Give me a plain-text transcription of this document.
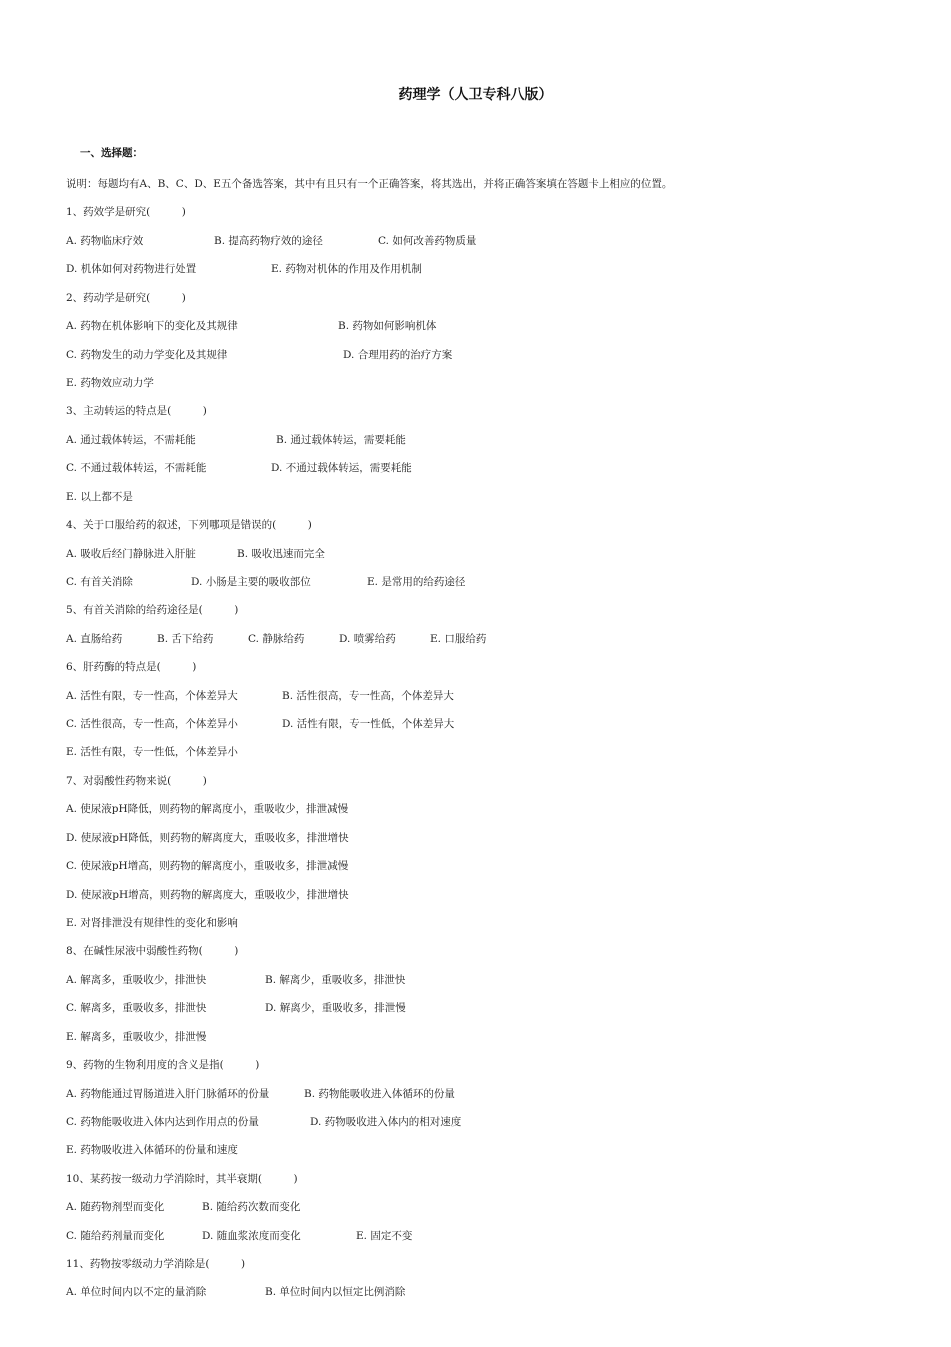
药理学（人卫专科八版）
一、选择题：
说明：每题均有A、B、C、D、E五个备选答案，其中有且只有一个正确答案，将其选出，并将正确答案填在答题卡上相应的位置。
1、药效学是研究(　　　)
A. 药物临床疗效	B. 提高药物疗效的途径	C. 如何改善药物质量
D. 机体如何对药物进行处置	E. 药物对机体的作用及作用机制
2、药动学是研究(　　　)
A. 药物在机体影响下的变化及其规律	B. 药物如何影响机体
C. 药物发生的动力学变化及其规律	D. 合理用药的治疗方案
E. 药物效应动力学
3、主动转运的特点是(　　　)
A. 通过载体转运，不需耗能	B. 通过载体转运，需要耗能
C. 不通过载体转运，不需耗能	D. 不通过载体转运，需要耗能
E. 以上都不是
4、关于口服给药的叙述，下列哪项是错误的(　　　)
A. 吸收后经门静脉进入肝脏	B. 吸收迅速而完全
C. 有首关消除	D. 小肠是主要的吸收部位	E. 是常用的给药途径
5、有首关消除的给药途径是(　　　)
A. 直肠给药	B. 舌下给药	C. 静脉给药	D. 喷雾给药	E. 口服给药
6、肝药酶的特点是(　　　)
A. 活性有限，专一性高，个体差异大	B. 活性很高，专一性高，个体差异大
C. 活性很高，专一性高，个体差异小	D. 活性有限，专一性低，个体差异大
E. 活性有限，专一性低，个体差异小
7、对弱酸性药物来说(　　　)
A. 使尿液pH降低，则药物的解离度小，重吸收少，排泄减慢
D. 使尿液pH降低，则药物的解离度大，重吸收多，排泄增快
C. 使尿液pH增高，则药物的解离度小，重吸收多，排泄减慢
D. 使尿液pH增高，则药物的解离度大，重吸收少，排泄增快
E. 对肾排泄没有规律性的变化和影响
8、在碱性尿液中弱酸性药物(　　　)
A. 解离多，重吸收少，排泄快	B. 解离少，重吸收多，排泄快
C. 解离多，重吸收多，排泄快	D. 解离少，重吸收多，排泄慢
E. 解离多，重吸收少，排泄慢
9、药物的生物利用度的含义是指(　　　)
A. 药物能通过胃肠道进入肝门脉循环的份量	B. 药物能吸收进入体循环的份量
C. 药物能吸收进入体内达到作用点的份量	D. 药物吸收进入体内的相对速度
E. 药物吸收进入体循环的份量和速度
10、某药按一级动力学消除时，其半衰期(　　　)
A. 随药物剂型而变化	B. 随给药次数而变化
C. 随给药剂量而变化	D. 随血浆浓度而变化	E. 固定不变
11、药物按零级动力学消除是(　　　)
A. 单位时间内以不定的量消除	B. 单位时间内以恒定比例消除
